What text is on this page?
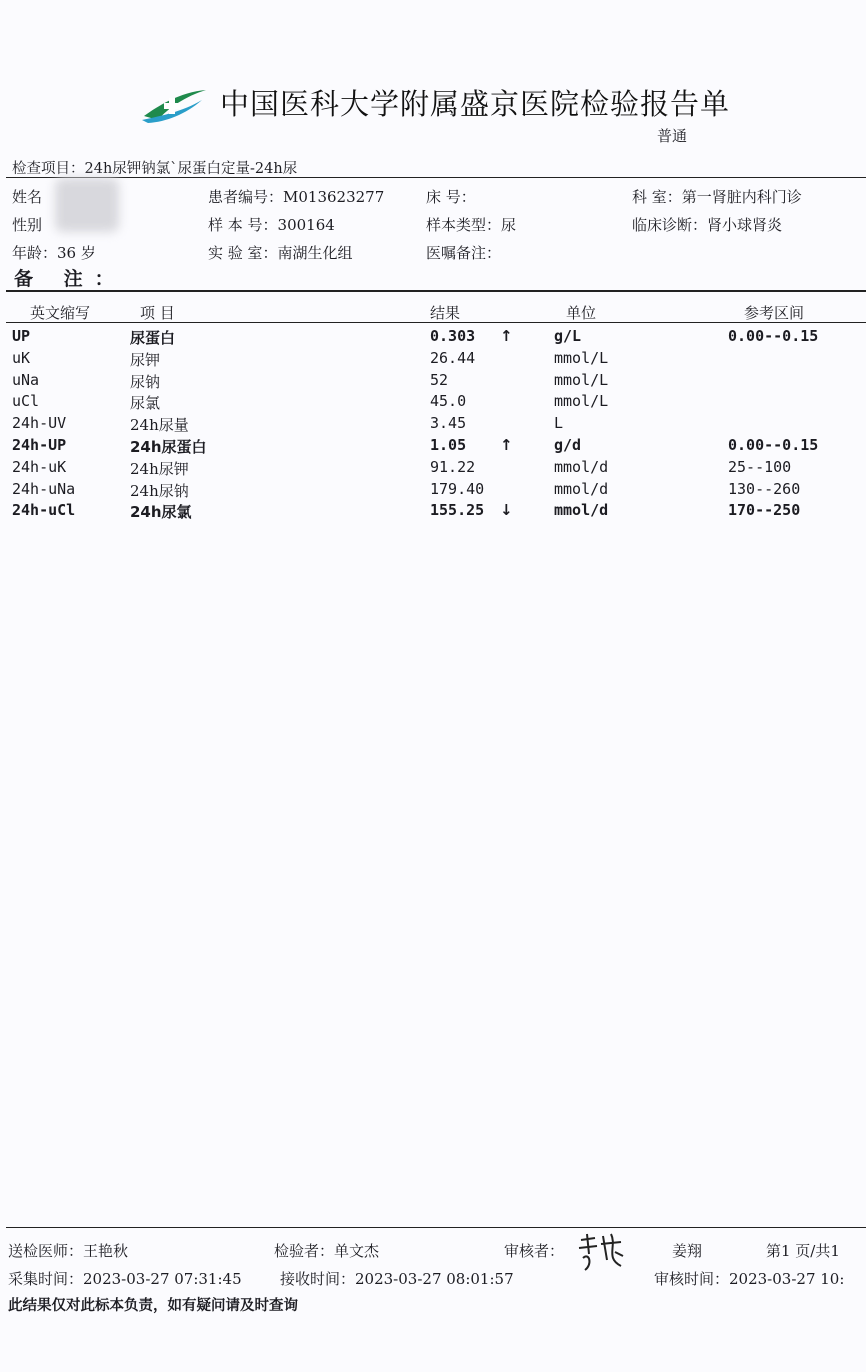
中国医科大学附属盛京医院检验报告单
普通
检查项目：24h尿钾钠氯`尿蛋白定量-24h尿
姓名
性别
年龄：36 岁
患者编号：M013623277
样 本 号：300164
实 验 室：南湖生化组
床 号：
样本类型：尿
医嘱备注：
科 室：第一肾脏内科门诊
临床诊断：肾小球肾炎
备 注：
英文缩写	项 目	结果	单位	参考区间
UP	尿蛋白	0.303 ↑	g/L	0.00--0.15
uK	尿钾	26.44	mmol/L
uNa	尿钠	52	mmol/L
uCl	尿氯	45.0	mmol/L
24h-UV	24h尿量	3.45	L
24h-UP	24h尿蛋白	1.05 ↑	g/d	0.00--0.15
24h-uK	24h尿钾	91.22	mmol/d	25--100
24h-uNa	24h尿钠	179.40	mmol/d	130--260
24h-uCl	24h尿氯	155.25 ↓	mmol/d	170--250
送检医师：王艳秋	检验者：单文杰	审核者：	姜翔	第1 页/共1
采集时间：2023-03-27 07:31:45	接收时间：2023-03-27 08:01:57	审核时间：2023-03-27 10:
此结果仅对此标本负责，如有疑问请及时查询
